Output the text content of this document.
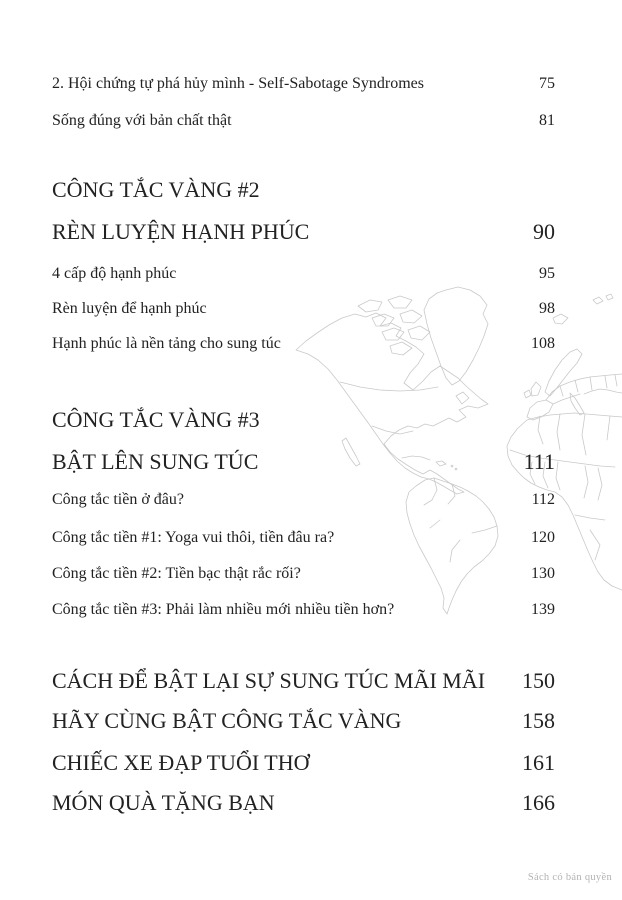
2. Hội chứng tự phá hủy mình - Self-Sabotage Syndromes	75
Sống đúng với bản chất thật	81
CÔNG TẮC VÀNG #2
RÈN LUYỆN HẠNH PHÚC	90
4 cấp độ hạnh phúc	95
Rèn luyện để hạnh phúc	98
Hạnh phúc là nền tảng cho sung túc	108
CÔNG TẮC VÀNG #3
BẬT LÊN SUNG TÚC	111
Công tắc tiền ở đâu?	112
Công tắc tiền #1: Yoga vui thôi, tiền đâu ra?	120
Công tắc tiền #2: Tiền bạc thật rắc rối?	130
Công tắc tiền #3: Phải làm nhiều mới nhiều tiền hơn?	139
CÁCH ĐỂ BẬT LẠI SỰ SUNG TÚC MÃI MÃI 150
HÃY CÙNG BẬT CÔNG TẮC VÀNG	158
CHIẾC XE ĐẠP TUỔI THƠ	161
MÓN QUÀ TẶNG BẠN	166
Sách có bản quyền
